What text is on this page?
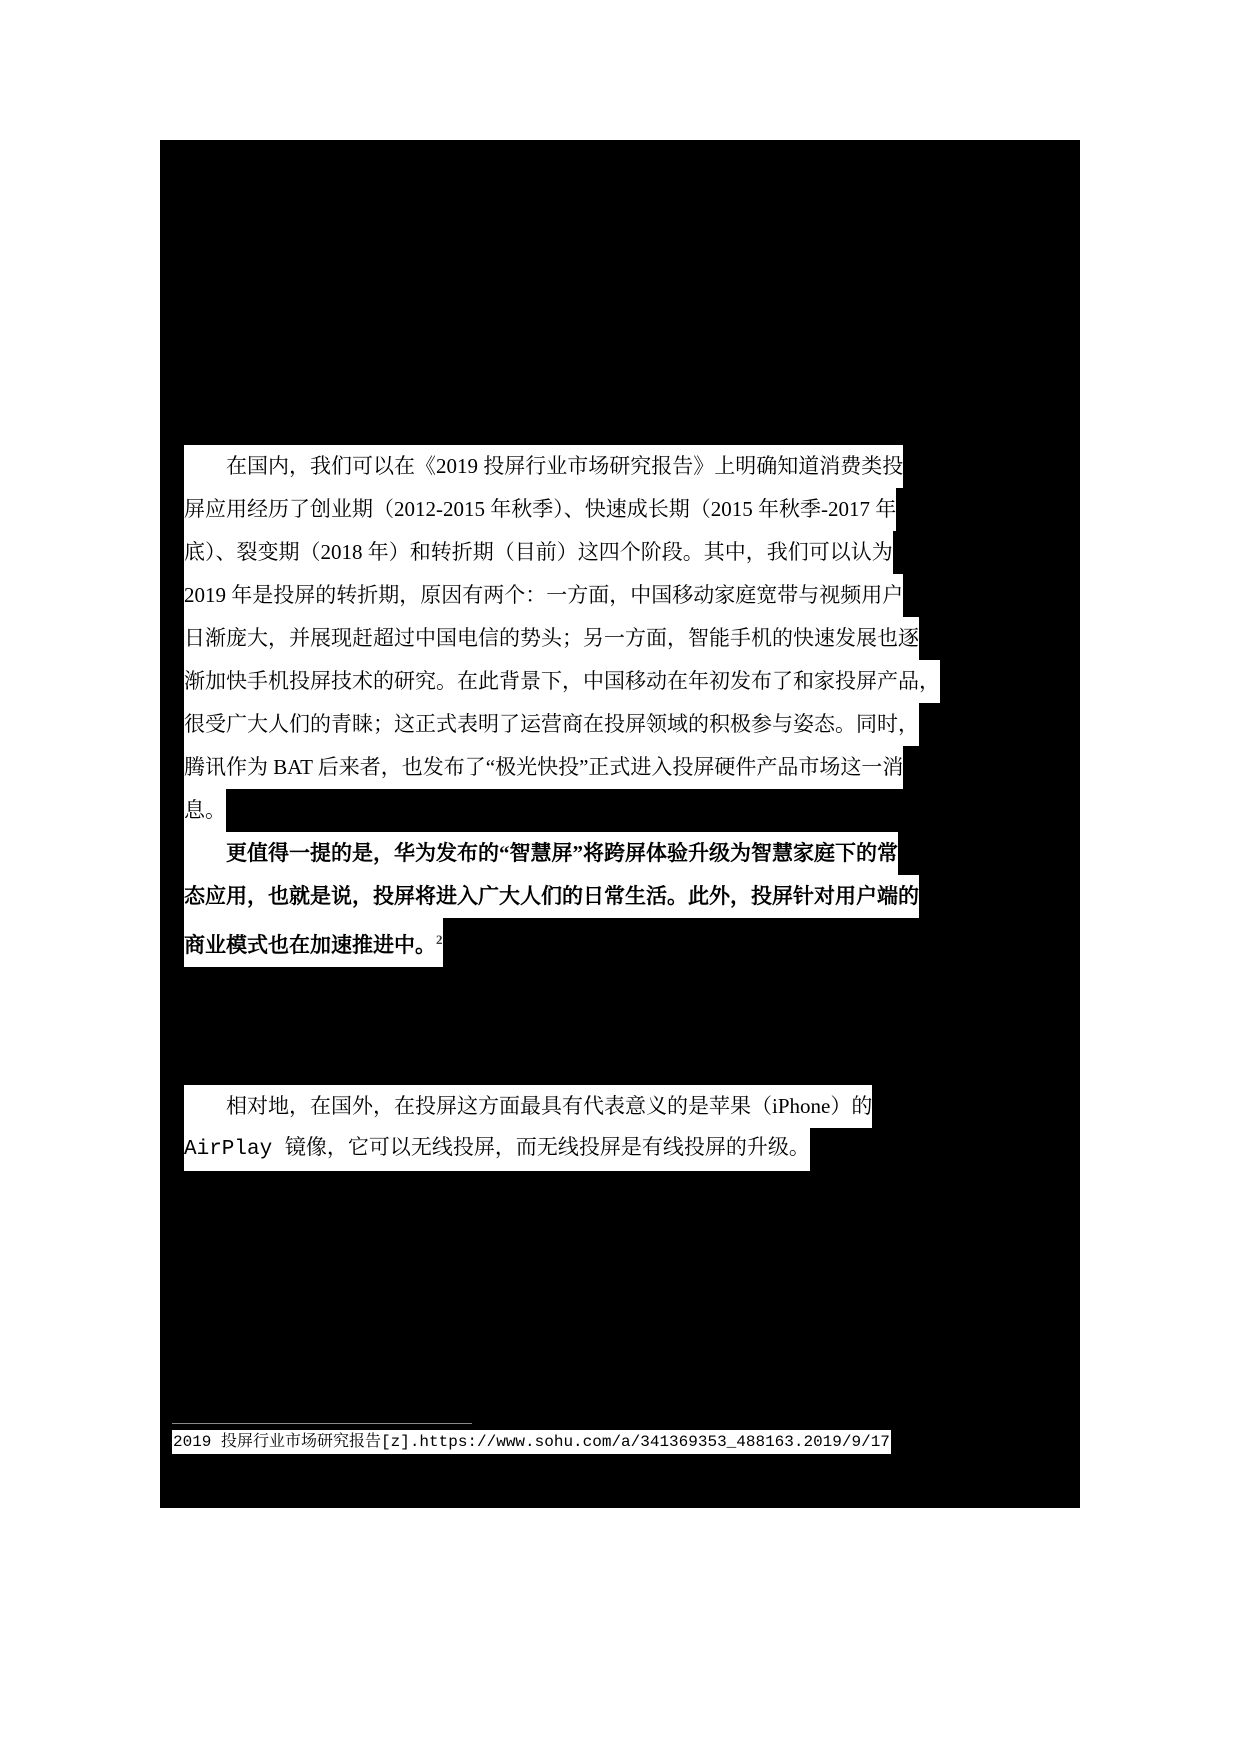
　　在国内，我们可以在《2019 投屏行业市场研究报告》上明确知道消费类投
屏应用经历了创业期（2012-2015 年秋季）、快速成长期（2015 年秋季-2017 年
底）、裂变期（2018 年）和转折期（目前）这四个阶段。其中，我们可以认为
2019 年是投屏的转折期，原因有两个：一方面，中国移动家庭宽带与视频用户
日渐庞大，并展现赶超过中国电信的势头；另一方面，智能手机的快速发展也逐
渐加快手机投屏技术的研究。在此背景下，中国移动在年初发布了和家投屏产品，
很受广大人们的青睐；这正式表明了运营商在投屏领域的积极参与姿态。同时，
腾讯作为 BAT 后来者，也发布了“极光快投”正式进入投屏硬件产品市场这一消
息。
　　更值得一提的是，华为发布的“智慧屏”将跨屏体验升级为智慧家庭下的常
态应用，也就是说，投屏将进入广大人们的日常生活。此外，投屏针对用户端的
商业模式也在加速推进中。$^2$
　　相对地，在国外，在投屏这方面最具有代表意义的是苹果（iPhone）的
AirPlay 镜像，它可以无线投屏，而无线投屏是有线投屏的升级。
2019 投屏行业市场研究报告[z].https://www.sohu.com/a/341369353_488163.2019/9/17
